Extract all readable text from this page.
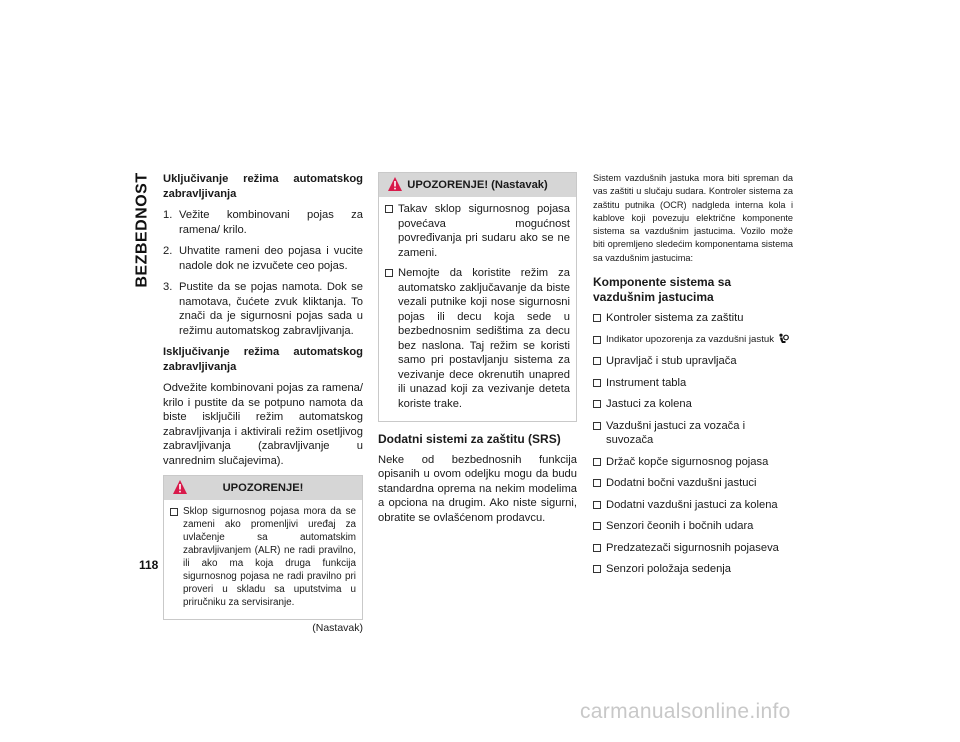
BEZBEDNOST
118
Uključivanje režima automatskog
zabravljivanja
1. Vežite kombinovani pojas za ramena/ krilo.
2. Uhvatite rameni deo pojasa i vucite nadole dok ne izvučete ceo pojas.
3. Pustite da se pojas namota. Dok se namotava, čućete zvuk kliktanja. To znači da je sigurnosni pojas sada u režimu automatskog zabravljivanja.
Isključivanje režima automatskog
zabravljivanja

Odvežite kombinovani pojas za ramena/ krilo i pustite da se potpuno namota da biste isključili režim automatskog zabravljivanja i aktivirali režim osetljivog zabravljivanja (zabravljivanje u vanrednim slučajevima).

UPOZORENJE!
Sklop sigurnosnog pojasa mora da se zameni ako promenljivi uređaj za uvlačenje sa automatskim zabravljivanjem (ALR) ne radi pravilno, ili ako ma koja druga funkcija sigurnosnog pojasa ne radi pravilno pri proveri u skladu sa uputstvima u priručniku za servisiranje.
(Nastavak)
UPOZORENJE! (Nastavak)
Takav sklop sigurnosnog pojasa povećava mogućnost povređivanja pri sudaru ako se ne zameni.
Nemojte da koristite režim za automatsko zaključavanje da biste vezali putnike koji nose sigurnosni pojas ili decu koja sede u bezbednosnim sedištima za decu bez naslona. Taj režim se koristi samo pri postavljanju sistema za vezivanje dece okrenutih unapred ili unazad koji za vezivanje deteta koriste trake.
Dodatni sistemi za zaštitu (SRS)

Neke od bezbednosnih funkcija opisanih u ovom odeljku mogu da budu standardna oprema na nekim modelima a opciona na drugim. Ako niste sigurni, obratite se ovlašćenom prodavcu.

Sistem vazdušnih jastuka mora biti spreman da vas zaštiti u slučaju sudara. Kontroler sistema za zaštitu putnika (OCR) nadgleda interna kola i kablove koji povezuju električne komponente sistema sa vazdušnim jastucima. Vozilo može biti opremljeno sledećim komponentama sistema sa vazdušnim jastucima:
Komponente sistema sa vazdušnim jastucima
Kontroler sistema za zaštitu
Indikator upozorenja za vazdušni jastuk
Upravljač i stub upravljača
Instrument tabla
Jastuci za kolena
Vazdušni jastuci za vozača i suvozača
Držač kopče sigurnosnog pojasa
Dodatni bočni vazdušni jastuci
Dodatni vazdušni jastuci za kolena
Senzori čeonih i bočnih udara
Predzatezači sigurnosnih pojaseva
Senzori položaja sedenja
carmanualsonline.info
